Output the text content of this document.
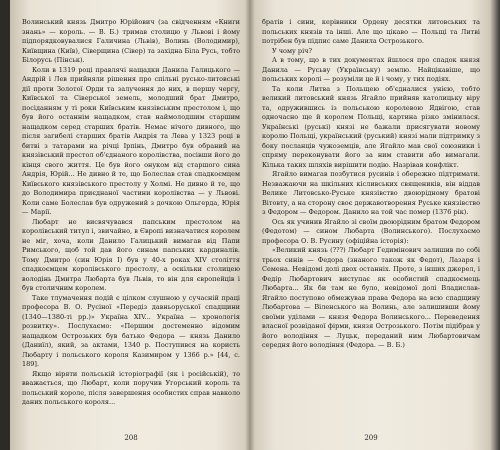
Волинський князь Дмитро Юрійович (за свідченням «Книги знань» — король. — В. Б.) тримав столицю у Львові і йому підпорядковувалися Галичина (Львів), Волинь (Володимир), Київщина (Київ), Сіверщина (Сівер) та західна Біла Русь, тобто Білорусь (Пінськ).

Коли в 1319 році правлячі нащадки Данила Галицького — Андрій і Лев прийняли рішення про спільні русько-литовські дії проти Золотої Орди та залучення до них, в першу чергу, Київської та Сіверської земель, молодший брат Дмитро, посіданням у ті роки Київським князівським престолом і, що був його останнім нащадком, став наймолодшим старшим нащадком серед старших братів. Немає нічого дивного, що після загибелі старших братів Андрія та Лева у 1323 році в битві з татарами на річці Ірпінь, Дмитро був обраний на князівський престол об'єднаного королівства, посівши його до кінця свого життя. Це був його онуком від старшого сина Андрія, Юрій... Не дивно й те, що Болеслав став спадкоємцем Київського князівського престолу у Холмі. Не дивно й те, що до Володимира приєднаної частини королівства — у Львові. Коли саме Болеслав був одружений з дочкою Ольгерда, Юрія — Марії.

Любарт не висвячувався папським престолом на королівський титул і, звичайно, в Європі визначатися королем не міг, хоча, коли Данило Галицький вимагав від Папи Римського, щоб той дав його синам папських кардиналів. Тому Дмитро (син Юрія I) був у 40-х роках XIV століття спадкоємцем королівського престолу, а оскільки столицею володінь Дмитра Любарта був Львів, то він для європейців і був столичним королем.

Таке тлумачення подій є цілком слушною у сучасній праці професора В. О. Русіної «Передіз давньоруської спадщини (1340—1380-ті рр.)» Україна XIV... Україна — хронологія розвитку». Послухаємо: «Першим достеменно відомим нащадком Острозьких був батько Федора — князь Данило (Даниїл), який, за актами, 1340 р. Поступився на користь Любарту і польського короля Казимиром у 1366 р.» [44, с. 189].

Якщо віряти польській історіографії (як і російській), то вважається, що Любарт, коли поручив Угорський король та польський короле, після завершення особистих справ навколо даних польського короля...

208

братів і сини, керівники Ордену десятки литовських та польських князів та інші. Але що цікаво — Польщі та Литві потрібен був підпис саме Данила Острозького.

У чому річ?

А в тому, що в тих документах йшлося про спадок князя Данила — Русьву (Українську) землю. Найцікавіше, що польських королі — розуміли це й і чому, у тих подіях.

Та коли Литва з Польщею об'єдналися унією, тобто великий литовський князь Ягайло прийняв католицьку віру та, одружившись із польською королевою Ядвігою, став одночасно ще й королем Польщі, картина різко змінилася. Українські (руські) князі не бажали присягувати новому королю Польщі, український (руський) князі мали підтримку з боку посланців чужоземців, але Ягайло мав свої союзники і спряму переконувати його за ним ставити або вимагали. Кілька таких шляхів вирішити подію. Назрівав конфлікт.

Ягайло вимагав позбутися русинів і обережно підтримати. Незважаючи на шкільних кісливських священиків, він віддав Велике Литовсько-Руське князівство двоюрідному братові Вітовту, а на сторону своє державотворення Руське князівство з Федором — Федором. Данило на той час помер (1376 рік).

Ось як учинив Ягайло зі своїм двоюрідним братом Федором (Федотом) — сином Любарта (Волинського). Послухаємо професора О. В. Русину (офіційна історія):

«Великий князь (???) Любарт Гедимінович залишив по собі трьох синів — Федора (знаного також як Федот), Лазаря і Семена. Невідомі долі двох останніх. Проте, з інших джерел, і Федір Любартович виступає як особистий спадкоємець Любарта... Як би там не було, невідомої долі Владислав-Ягайло поступово обмежував права Федора на всю спадщину Любартова — Віленського на Волинь, але залишивши йому своїми уділами — князя Федора Волинського... Переведення власної розвіданої фірми, князя Острозького. Потім підібрав у його володіння — Луцьк, переданий ним Любартовичам середня його володіння (Федора. — В. Б.)

209
